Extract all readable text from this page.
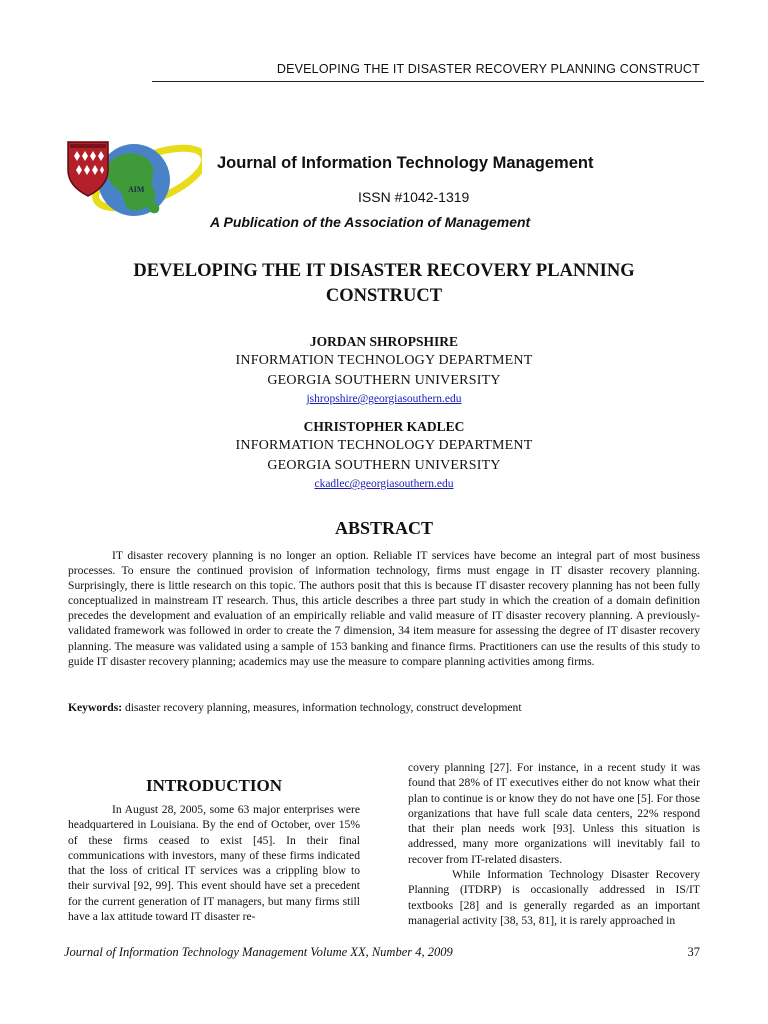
DEVELOPING THE IT DISASTER RECOVERY PLANNING CONSTRUCT
AIM
Journal of Information Technology Management
ISSN #1042-1319
A Publication of the Association of Management
DEVELOPING THE IT DISASTER RECOVERY PLANNING
CONSTRUCT
JORDAN SHROPSHIRE
INFORMATION TECHNOLOGY DEPARTMENT
GEORGIA SOUTHERN UNIVERSITY
jshropshire@georgiasouthern.edu
CHRISTOPHER KADLEC
INFORMATION TECHNOLOGY DEPARTMENT
GEORGIA SOUTHERN UNIVERSITY
ckadlec@georgiasouthern.edu
ABSTRACT

IT disaster recovery planning is no longer an option. Reliable IT services have become an integral part of most business processes. To ensure the continued provision of information technology, firms must engage in IT disaster recovery planning. Surprisingly, there is little research on this topic. The authors posit that this is because IT disaster recovery planning has not been fully conceptualized in mainstream IT research. Thus, this article describes a three part study in which the creation of a domain definition precedes the development and evaluation of an empirically reliable and valid measure of IT disaster recovery planning. A previously-validated framework was followed in order to create the 7 dimension, 34 item measure for assessing the degree of IT disaster recovery planning. The measure was validated using a sample of 153 banking and finance firms. Practitioners can use the results of this study to guide IT disaster recovery planning; academics may use the measure to compare planning activities among firms.

Keywords: disaster recovery planning, measures, information technology, construct development
INTRODUCTION

In August 28, 2005, some 63 major enterprises were headquartered in Louisiana. By the end of October, over 15% of these firms ceased to exist [45]. In their final communications with investors, many of these firms indicated that the loss of critical IT services was a crippling blow to their survival [92, 99]. This event should have set a precedent for the current generation of IT managers, but many firms still have a lax attitude toward IT disaster re-

covery planning [27]. For instance, in a recent study it was found that 28% of IT executives either do not know what their plan to continue is or know they do not have one [5]. For those organizations that have full scale data centers, 22% respond that their plan needs work [93]. Unless this situation is addressed, many more organizations will inevitably fail to recover from IT-related disasters.

While Information Technology Disaster Recovery Planning (ITDRP) is occasionally addressed in IS/IT textbooks [28] and is generally regarded as an important managerial activity [38, 53, 81], it is rarely approached in

Journal of Information Technology Management Volume XX, Number 4, 2009	37
